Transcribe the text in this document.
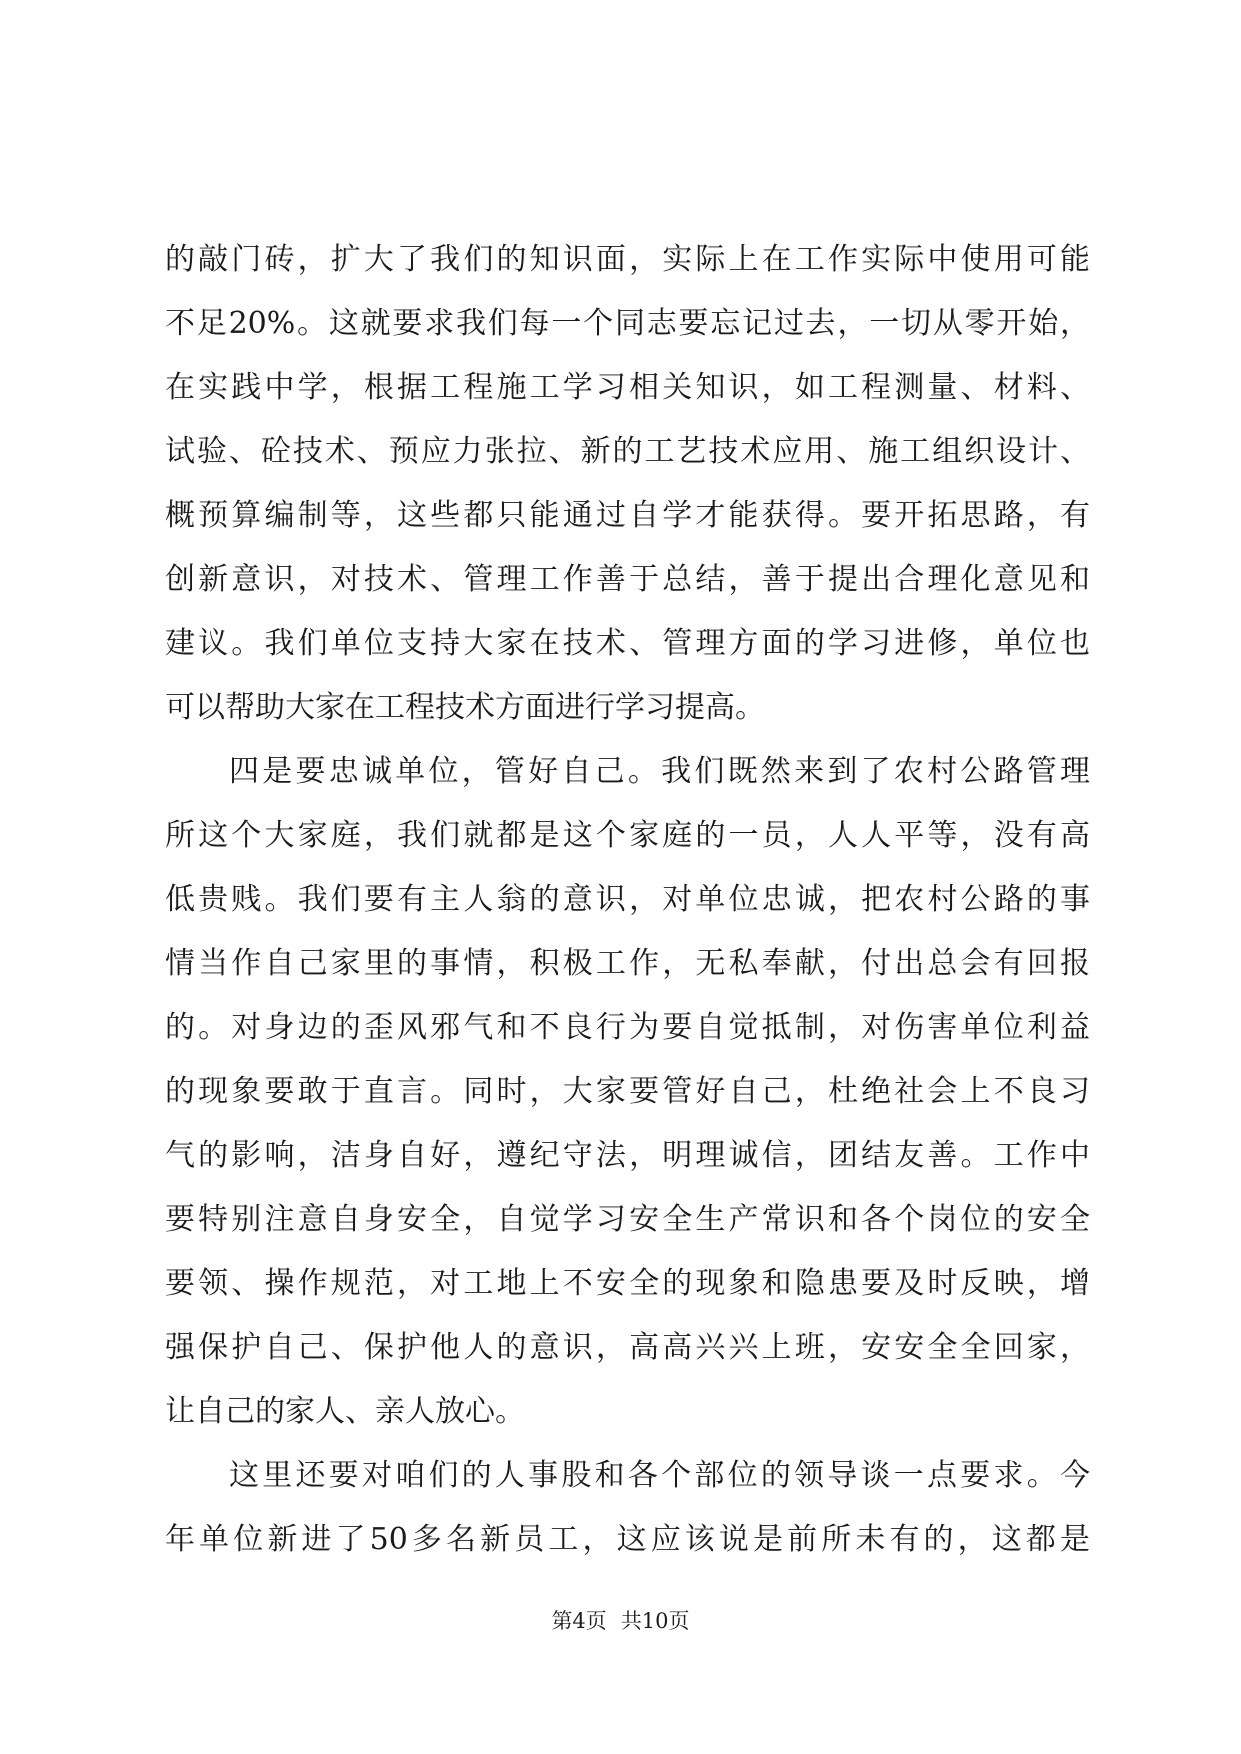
的敲门砖，扩大了我们的知识面，实际上在工作实际中使用可能
不足20%。这就要求我们每一个同志要忘记过去，一切从零开始，
在实践中学，根据工程施工学习相关知识，如工程测量、材料、
试验、砼技术、预应力张拉、新的工艺技术应用、施工组织设计、
概预算编制等，这些都只能通过自学才能获得。要开拓思路，有
创新意识，对技术、管理工作善于总结，善于提出合理化意见和
建议。我们单位支持大家在技术、管理方面的学习进修，单位也
可以帮助大家在工程技术方面进行学习提高。
四是要忠诚单位，管好自己。我们既然来到了农村公路管理
所这个大家庭，我们就都是这个家庭的一员，人人平等，没有高
低贵贱。我们要有主人翁的意识，对单位忠诚，把农村公路的事
情当作自己家里的事情，积极工作，无私奉献，付出总会有回报
的。对身边的歪风邪气和不良行为要自觉抵制，对伤害单位利益
的现象要敢于直言。同时，大家要管好自己，杜绝社会上不良习
气的影响，洁身自好，遵纪守法，明理诚信，团结友善。工作中
要特别注意自身安全，自觉学习安全生产常识和各个岗位的安全
要领、操作规范，对工地上不安全的现象和隐患要及时反映，增
强保护自己、保护他人的意识，高高兴兴上班，安安全全回家，
让自己的家人、亲人放心。
这里还要对咱们的人事股和各个部位的领导谈一点要求。今
年单位新进了50多名新员工，这应该说是前所未有的，这都是
第4页 共10页
